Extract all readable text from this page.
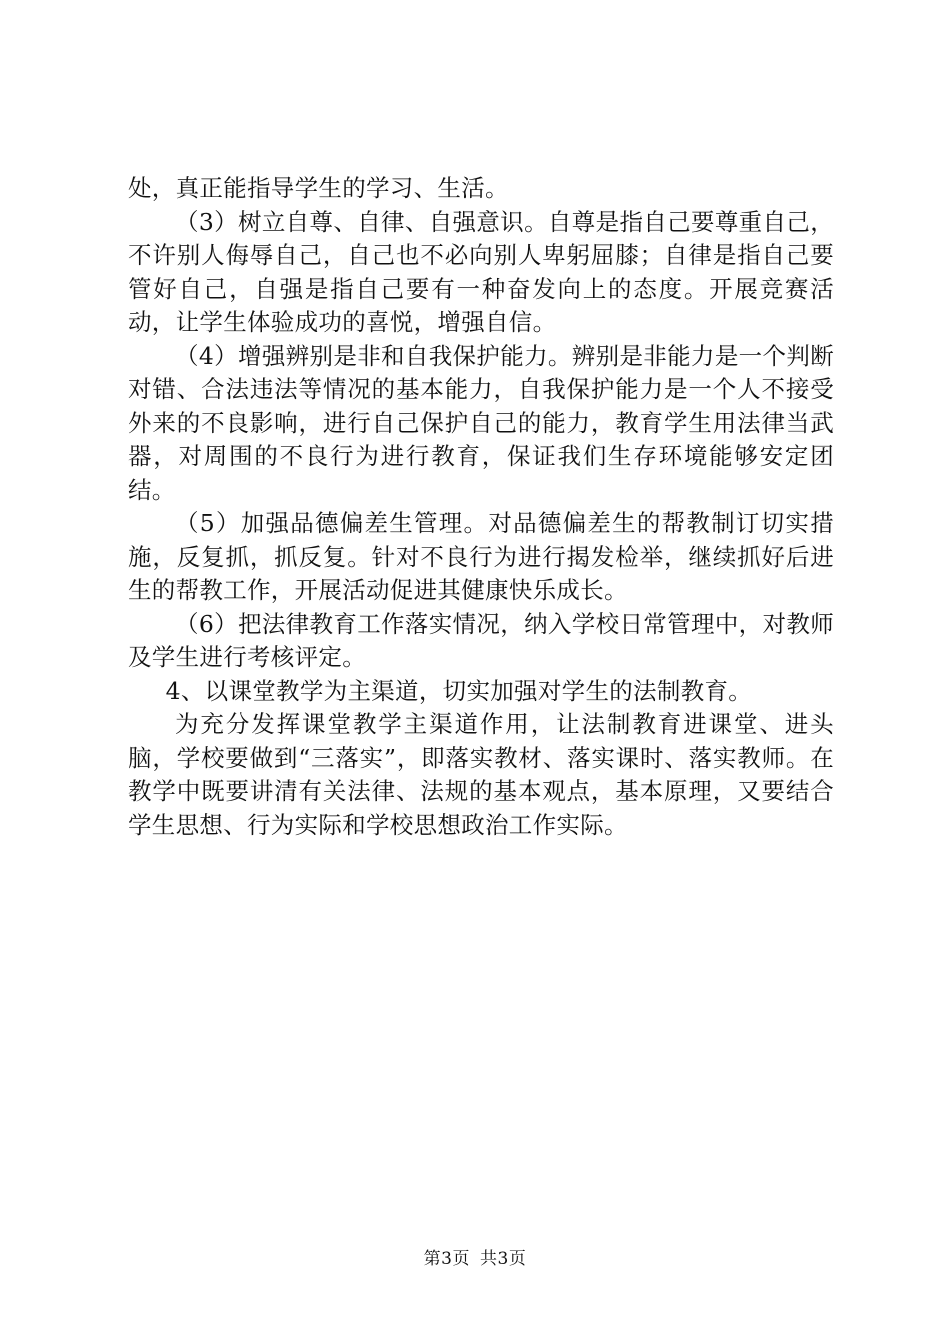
处，真正能指导学生的学习、生活。

（3）树立自尊、自律、自强意识。自尊是指自己要尊重自己，不许别人侮辱自己，自己也不必向别人卑躬屈膝；自律是指自己要管好自己，自强是指自己要有一种奋发向上的态度。开展竞赛活动，让学生体验成功的喜悦，增强自信。

（4）增强辨别是非和自我保护能力。辨别是非能力是一个判断对错、合法违法等情况的基本能力，自我保护能力是一个人不接受外来的不良影响，进行自己保护自己的能力，教育学生用法律当武器，对周围的不良行为进行教育，保证我们生存环境能够安定团结。

（5）加强品德偏差生管理。对品德偏差生的帮教制订切实措施，反复抓，抓反复。针对不良行为进行揭发检举，继续抓好后进生的帮教工作，开展活动促进其健康快乐成长。

（6）把法律教育工作落实情况，纳入学校日常管理中，对教师及学生进行考核评定。

4、以课堂教学为主渠道，切实加强对学生的法制教育。

为充分发挥课堂教学主渠道作用，让法制教育进课堂、进头脑，学校要做到“三落实”，即落实教材、落实课时、落实教师。在教学中既要讲清有关法律、法规的基本观点，基本原理，又要结合学生思想、行为实际和学校思想政治工作实际。

第3页 共3页
